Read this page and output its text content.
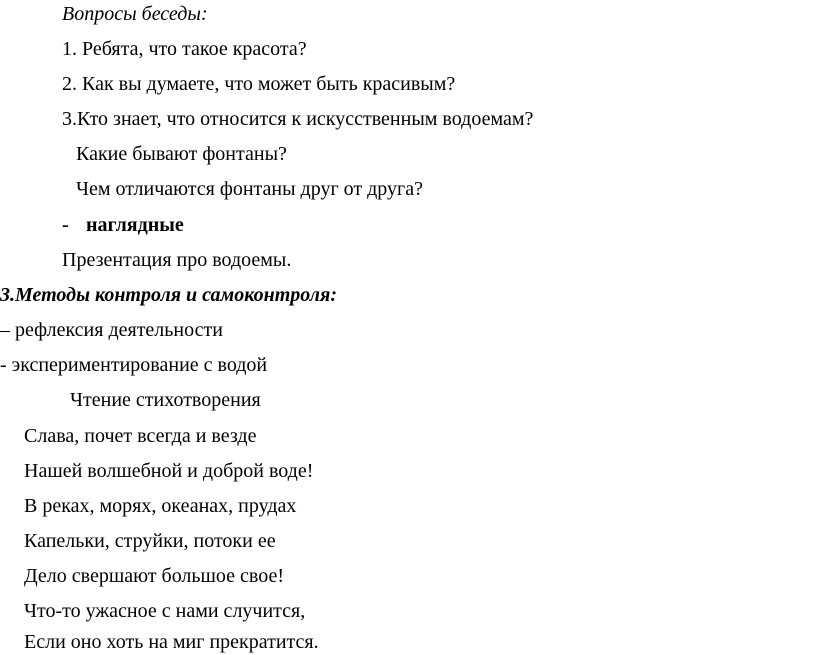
Вопросы беседы:
1. Ребята, что такое красота?
2. Как вы думаете, что может быть красивым?
3.Кто знает, что относится к искусственным водоемам?
Какие бывают фонтаны?
Чем отличаются фонтаны друг от друга?
- наглядные
Презентация про водоемы.
3.Методы контроля и самоконтроля:
– рефлексия деятельности
- экспериментирование с водой
Чтение стихотворения
Слава, почет всегда и везде
Нашей волшебной и доброй воде!
В реках, морях, океанах, прудах
Капельки, струйки, потоки ее
Дело свершают большое свое!
Что-то ужасное с нами случится,
Если оно хоть на миг прекратится.
